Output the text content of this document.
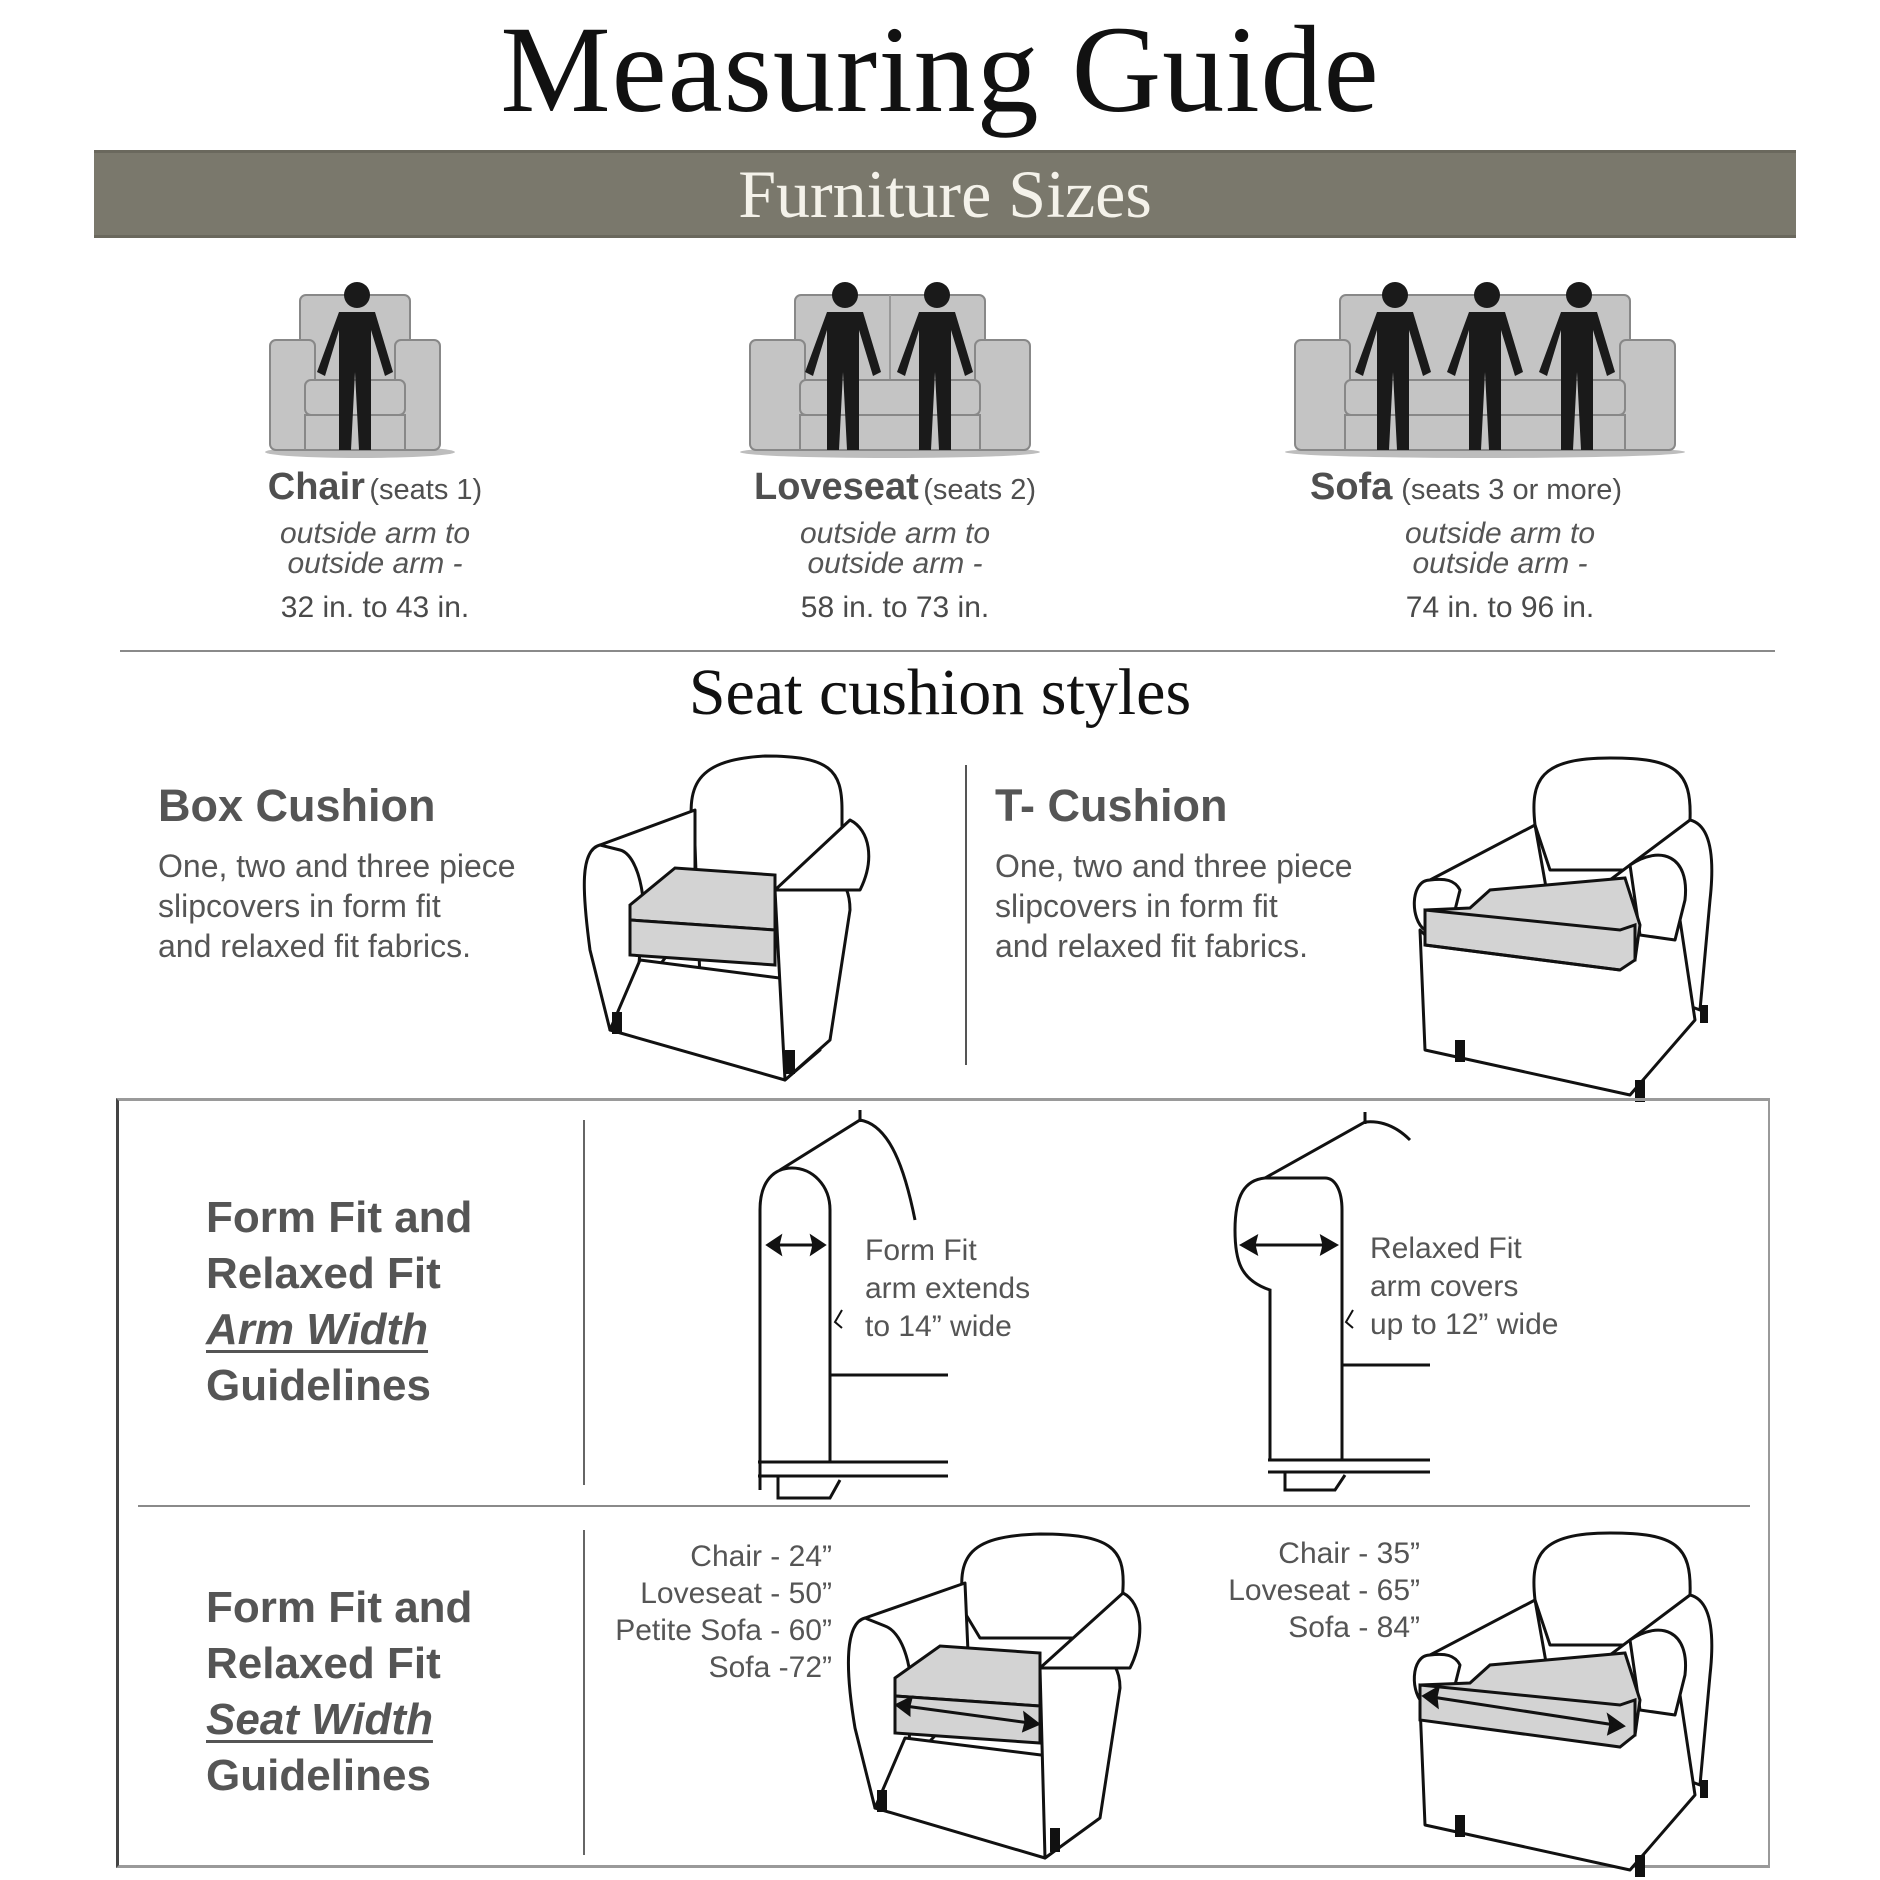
Measuring Guide
Furniture Sizes
Chair (seats 1)
outside arm to
outside arm -
32 in. to 43 in.
Loveseat (seats 2)
outside arm to
outside arm -
58 in. to 73 in.
Sofa (seats 3 or more)
outside arm to
outside arm -
74 in. to 96 in.
Seat cushion styles
Box Cushion
One, two and three piece
slipcovers in form fit
and relaxed fit fabrics.
T- Cushion
One, two and three piece
slipcovers in form fit
and relaxed fit fabrics.
Form Fit and
Relaxed Fit
Arm Width
Guidelines
Form Fit
arm extends
to 14” wide
Relaxed Fit
arm covers
up to 12” wide
Form Fit and
Relaxed Fit
Seat Width
Guidelines
Chair - 24”
Loveseat - 50”
Petite Sofa - 60”
Sofa -72”
Chair - 35”
Loveseat - 65”
Sofa - 84”
